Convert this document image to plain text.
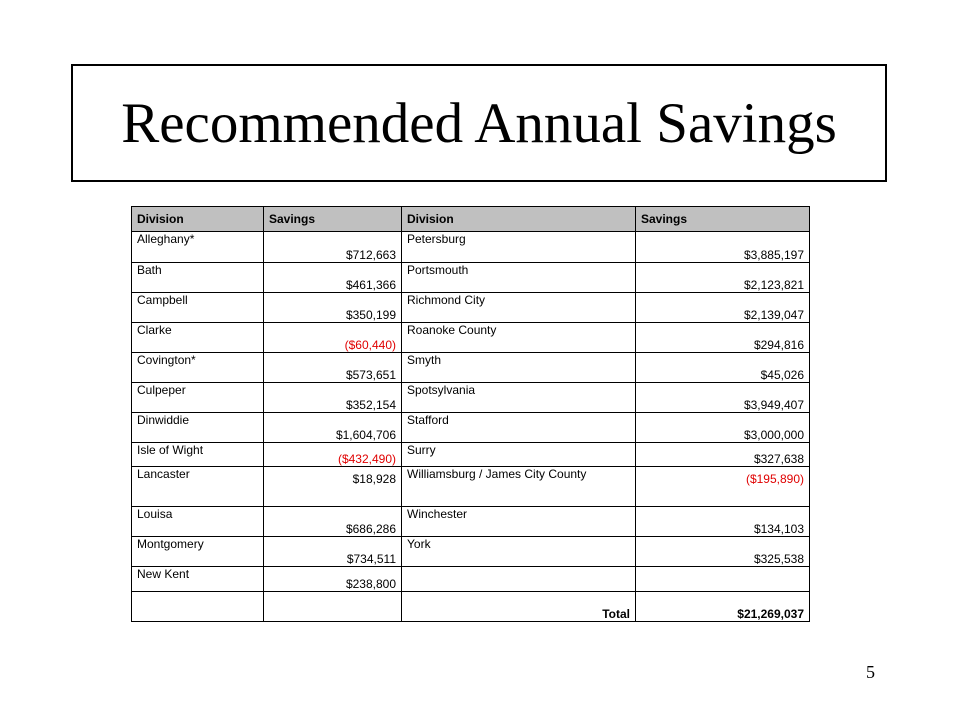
Recommended Annual Savings
Division	Savings	Division	Savings
Alleghany*	$712,663	Petersburg	$3,885,197
Bath	$461,366	Portsmouth	$2,123,821
Campbell	$350,199	Richmond City	$2,139,047
Clarke	($60,440)	Roanoke County	$294,816
Covington*	$573,651	Smyth	$45,026
Culpeper	$352,154	Spotsylvania	$3,949,407
Dinwiddie	$1,604,706	Stafford	$3,000,000
Isle of Wight	($432,490)	Surry	$327,638
Lancaster	$18,928	Williamsburg / James City County	($195,890)
Louisa	$686,286	Winchester	$134,103
Montgomery	$734,511	York	$325,538
New Kent	$238,800		
		Total	$21,269,037
5
